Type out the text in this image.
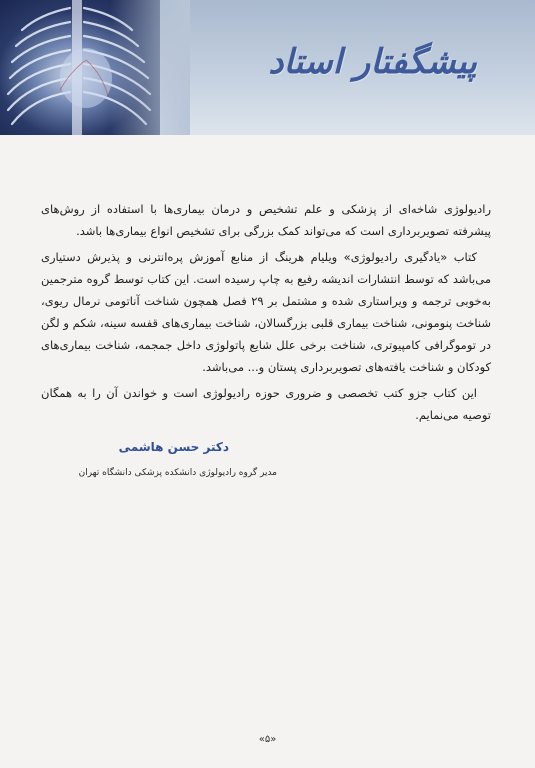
پیشگفتار استاد

رادیولوژی شاخه‌ای از پزشکی و علم تشخیص و درمان بیماری‌ها با استفاده از روش‌های پیشرفته تصویربرداری است که می‌تواند کمک بزرگی برای تشخیص انواع بیماری‌ها باشد.

کتاب «یادگیری رادیولوژی» ویلیام هرینگ از منابع آموزش پره‌انترنی و پذیرش دستیاری می‌باشد که توسط انتشارات اندیشه رفیع به چاپ رسیده است. این کتاب توسط گروه مترجمین به‌خوبی ترجمه و ویراستاری شده و مشتمل بر ۲۹ فصل همچون شناخت آناتومی نرمال ریوی، شناخت پنومونی، شناخت بیماری قلبی بزرگسالان، شناخت بیماری‌های قفسه سینه، شکم و لگن در توموگرافی کامپیوتری، شناخت برخی علل شایع پاتولوژی داخل جمجمه، شناخت بیماری‌های کودکان و شناخت یافته‌های تصویربرداری پستان و... می‌باشد.

این کتاب جزو کتب تخصصی و ضروری حوزه رادیولوژی است و خواندن آن را به همگان توصیه می‌نمایم.

دکتر حسن هاشمی
مدیر گروه رادیولوژی دانشکده پزشکی دانشگاه تهران
«۵»
